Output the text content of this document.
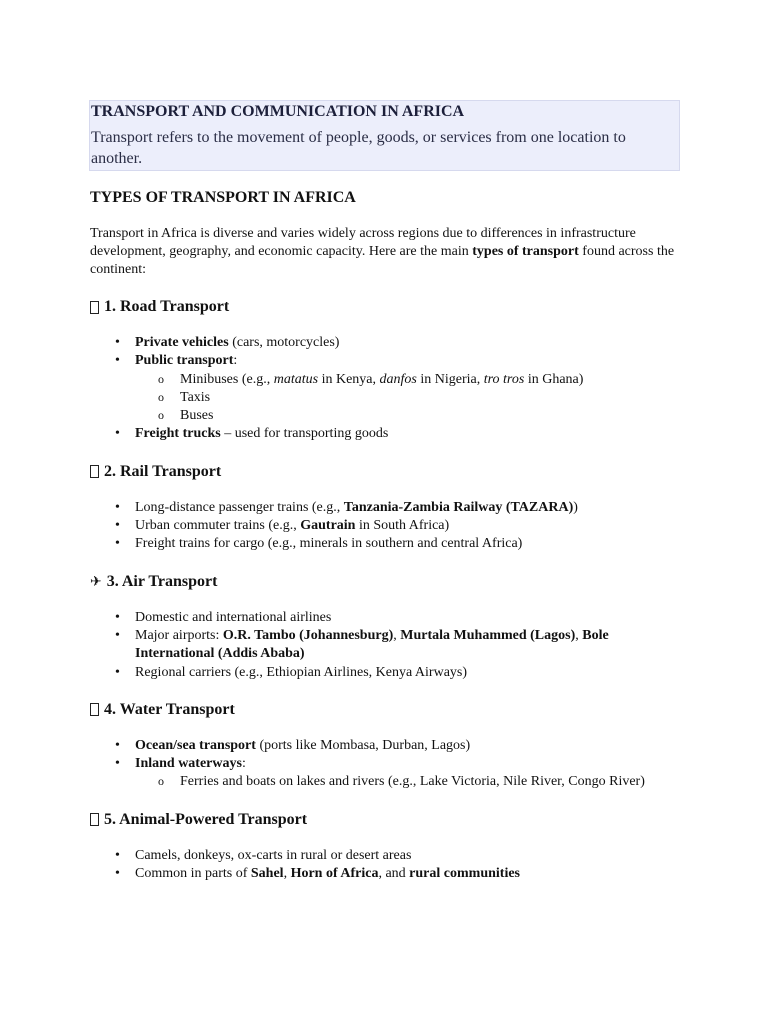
TRANSPORT AND COMMUNICATION IN AFRICA

Transport refers to the movement of people, goods, or services from one location to another.

TYPES OF TRANSPORT IN AFRICA

Transport in Africa is diverse and varies widely across regions due to differences in infrastructure development, geography, and economic capacity. Here are the main types of transport found across the continent:

1. Road Transport
• Private vehicles (cars, motorcycles)
• Public transport:
o Minibuses (e.g., matatus in Kenya, danfos in Nigeria, tro tros in Ghana)
o Taxis
o Buses
• Freight trucks – used for transporting goods
2. Rail Transport
• Long-distance passenger trains (e.g., Tanzania-Zambia Railway (TAZARA))
• Urban commuter trains (e.g., Gautrain in South Africa)
• Freight trains for cargo (e.g., minerals in southern and central Africa)
✈ 3. Air Transport
• Domestic and international airlines
• Major airports: O.R. Tambo (Johannesburg), Murtala Muhammed (Lagos), Bole International (Addis Ababa)
• Regional carriers (e.g., Ethiopian Airlines, Kenya Airways)
4. Water Transport
• Ocean/sea transport (ports like Mombasa, Durban, Lagos)
• Inland waterways:
o Ferries and boats on lakes and rivers (e.g., Lake Victoria, Nile River, Congo River)
5. Animal-Powered Transport
• Camels, donkeys, ox-carts in rural or desert areas
• Common in parts of Sahel, Horn of Africa, and rural communities
